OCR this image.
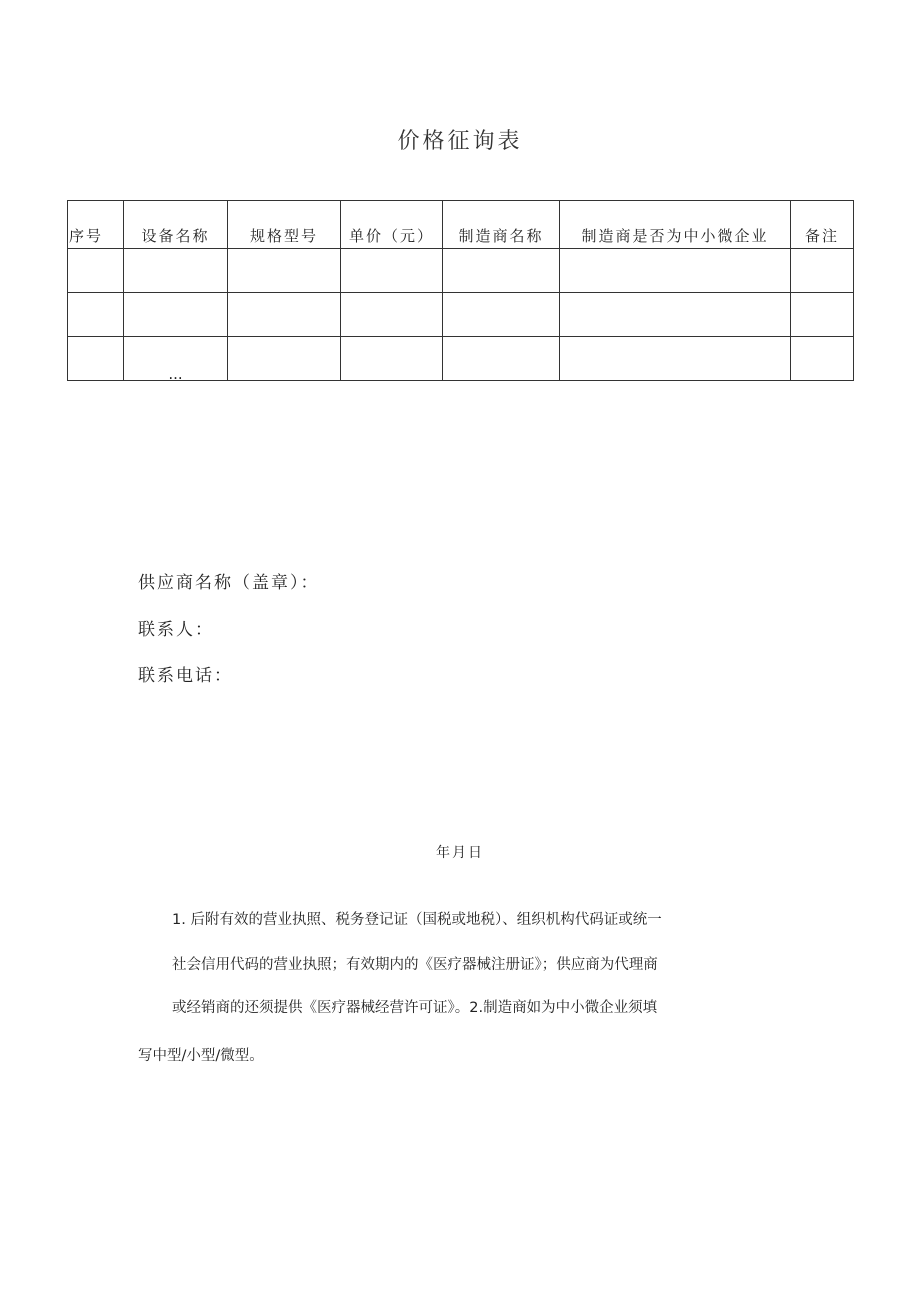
价格征询表
序号	设备名称	规格型号	单价（元）	制造商名称	制造商是否为中小微企业	备注

	...					
供应商名称（盖章）：
联系人：
联系电话：
年月日
1. 后附有效的营业执照、税务登记证（国税或地税）、组织机构代码证或统一
社会信用代码的营业执照；有效期内的《医疗器械注册证》；供应商为代理商
或经销商的还须提供《医疗器械经营许可证》。2.制造商如为中小微企业须填
写中型/小型/微型。
